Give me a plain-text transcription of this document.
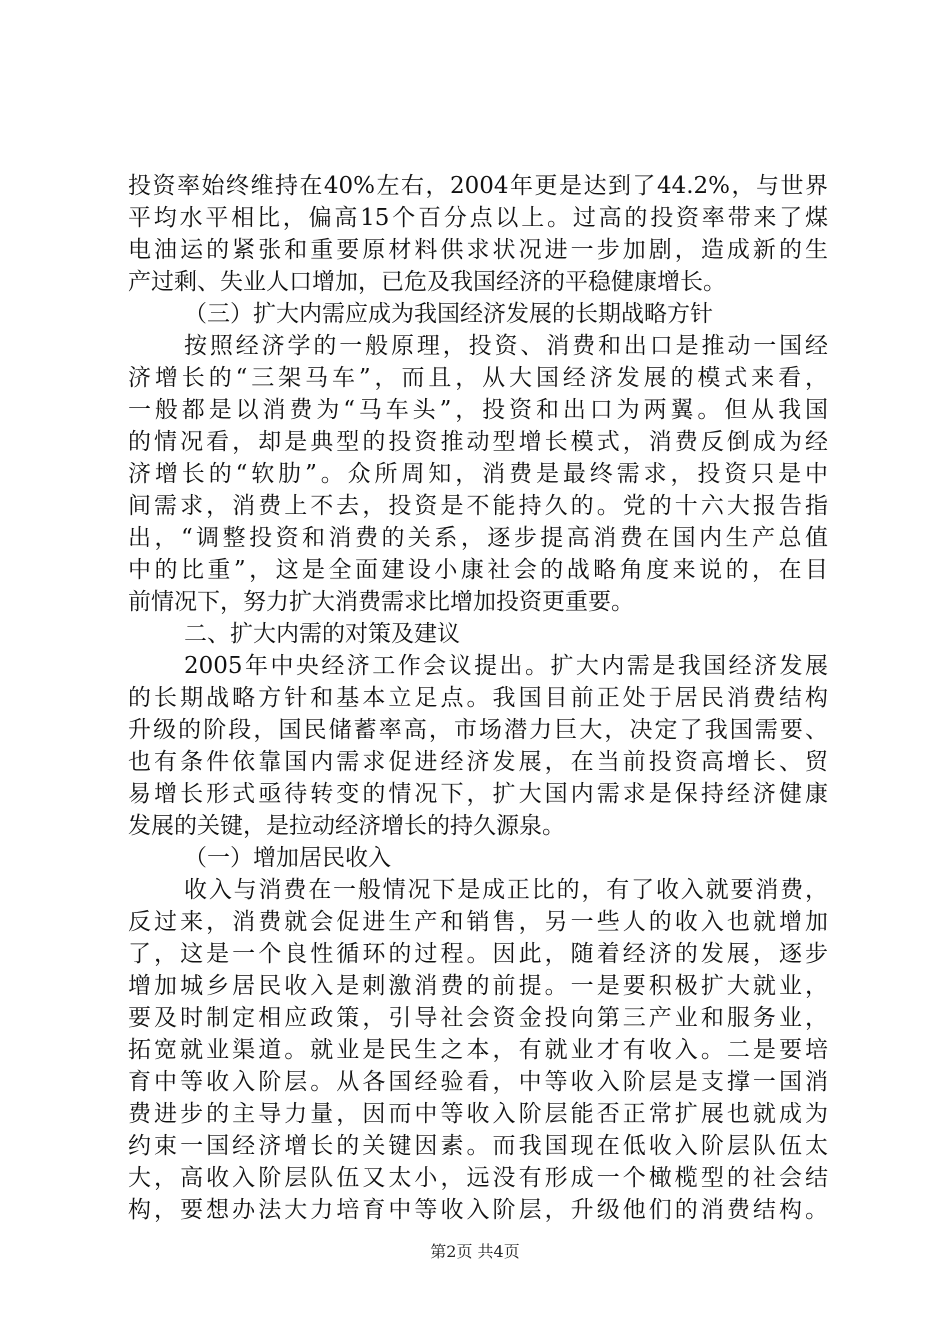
投资率始终维持在40%左右，2004年更是达到了44.2%，与世界
平均水平相比，偏高15个百分点以上。过高的投资率带来了煤
电油运的紧张和重要原材料供求状况进一步加剧，造成新的生
产过剩、失业人口增加，已危及我国经济的平稳健康增长。
（三）扩大内需应成为我国经济发展的长期战略方针
按照经济学的一般原理，投资、消费和出口是推动一国经
济增长的“三架马车”，而且，从大国经济发展的模式来看，
一般都是以消费为“马车头”，投资和出口为两翼。但从我国
的情况看，却是典型的投资推动型增长模式，消费反倒成为经
济增长的“软肋”。众所周知，消费是最终需求，投资只是中
间需求，消费上不去，投资是不能持久的。党的十六大报告指
出，“调整投资和消费的关系，逐步提高消费在国内生产总值
中的比重”，这是全面建设小康社会的战略角度来说的，在目
前情况下，努力扩大消费需求比增加投资更重要。
二、扩大内需的对策及建议
2005年中央经济工作会议提出。扩大内需是我国经济发展
的长期战略方针和基本立足点。我国目前正处于居民消费结构
升级的阶段，国民储蓄率高，市场潜力巨大，决定了我国需要、
也有条件依靠国内需求促进经济发展，在当前投资高增长、贸
易增长形式亟待转变的情况下，扩大国内需求是保持经济健康
发展的关键，是拉动经济增长的持久源泉。
（一）增加居民收入
收入与消费在一般情况下是成正比的，有了收入就要消费，
反过来，消费就会促进生产和销售，另一些人的收入也就增加
了，这是一个良性循环的过程。因此，随着经济的发展，逐步
增加城乡居民收入是刺激消费的前提。一是要积极扩大就业，
要及时制定相应政策，引导社会资金投向第三产业和服务业，
拓宽就业渠道。就业是民生之本，有就业才有收入。二是要培
育中等收入阶层。从各国经验看，中等收入阶层是支撑一国消
费进步的主导力量，因而中等收入阶层能否正常扩展也就成为
约束一国经济增长的关键因素。而我国现在低收入阶层队伍太
大，高收入阶层队伍又太小，远没有形成一个橄榄型的社会结
构，要想办法大力培育中等收入阶层，升级他们的消费结构。
第2页 共4页
